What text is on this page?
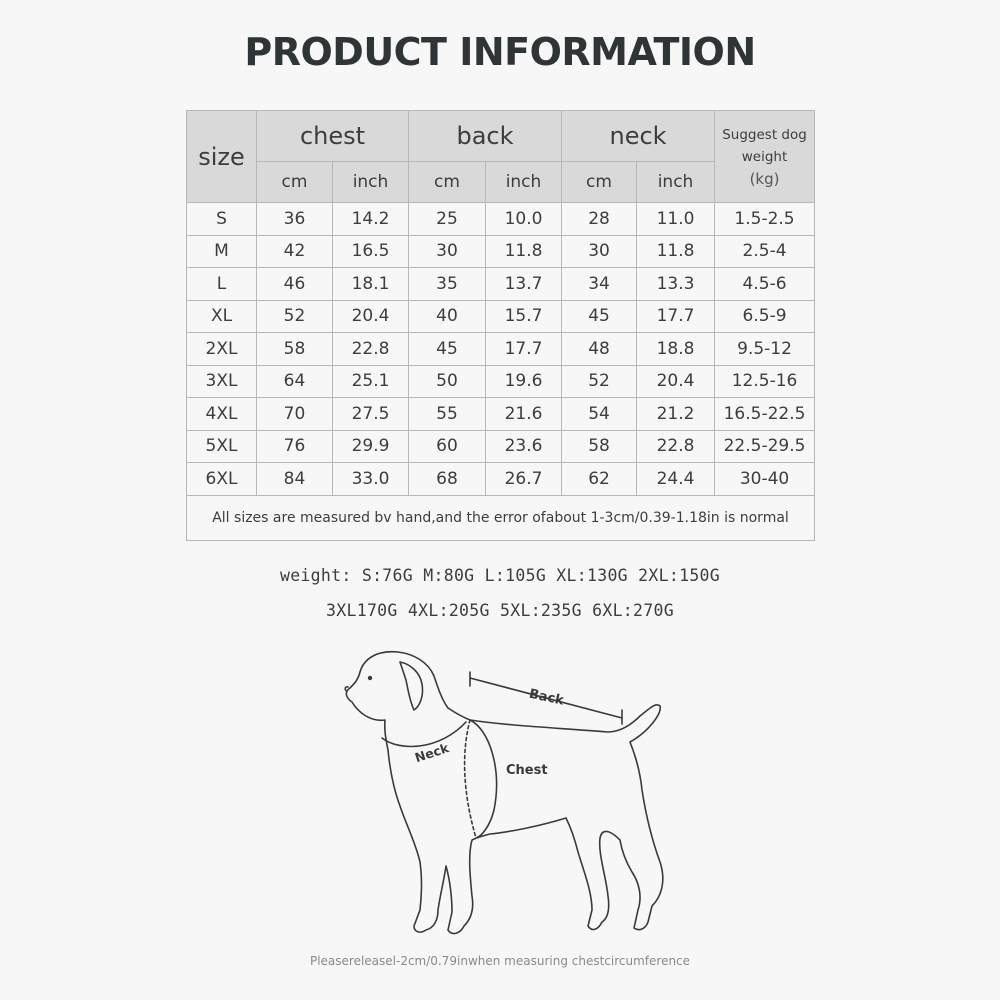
PRODUCT INFORMATION
size	chest		back		neck		Suggest dog
weight
(kg)

	cm	inch	cm	inch	cm	inch	
S	36	14.2	25	10.0	28	11.0	1.5-2.5
M	42	16.5	30	11.8	30	11.8	2.5-4
L	46	18.1	35	13.7	34	13.3	4.5-6
XL	52	20.4	40	15.7	45	17.7	6.5-9
2XL	58	22.8	45	17.7	48	18.8	9.5-12
3XL	64	25.1	50	19.6	52	20.4	12.5-16
4XL	70	27.5	55	21.6	54	21.2	16.5-22.5
5XL	76	29.9	60	23.6	58	22.8	22.5-29.5
6XL	84	33.0	68	26.7	62	24.4	30-40
All sizes are measured bv hand,and the error ofabout 1-3cm/0.39-1.18in is normal							
weight: S:76G M:80G L:105G XL:130G 2XL:150G
3XL170G 4XL:205G 5XL:235G 6XL:270G
Back
Neck
Chest
Pleasereleasel-2cm/0.79inwhen measuring chestcircumference
